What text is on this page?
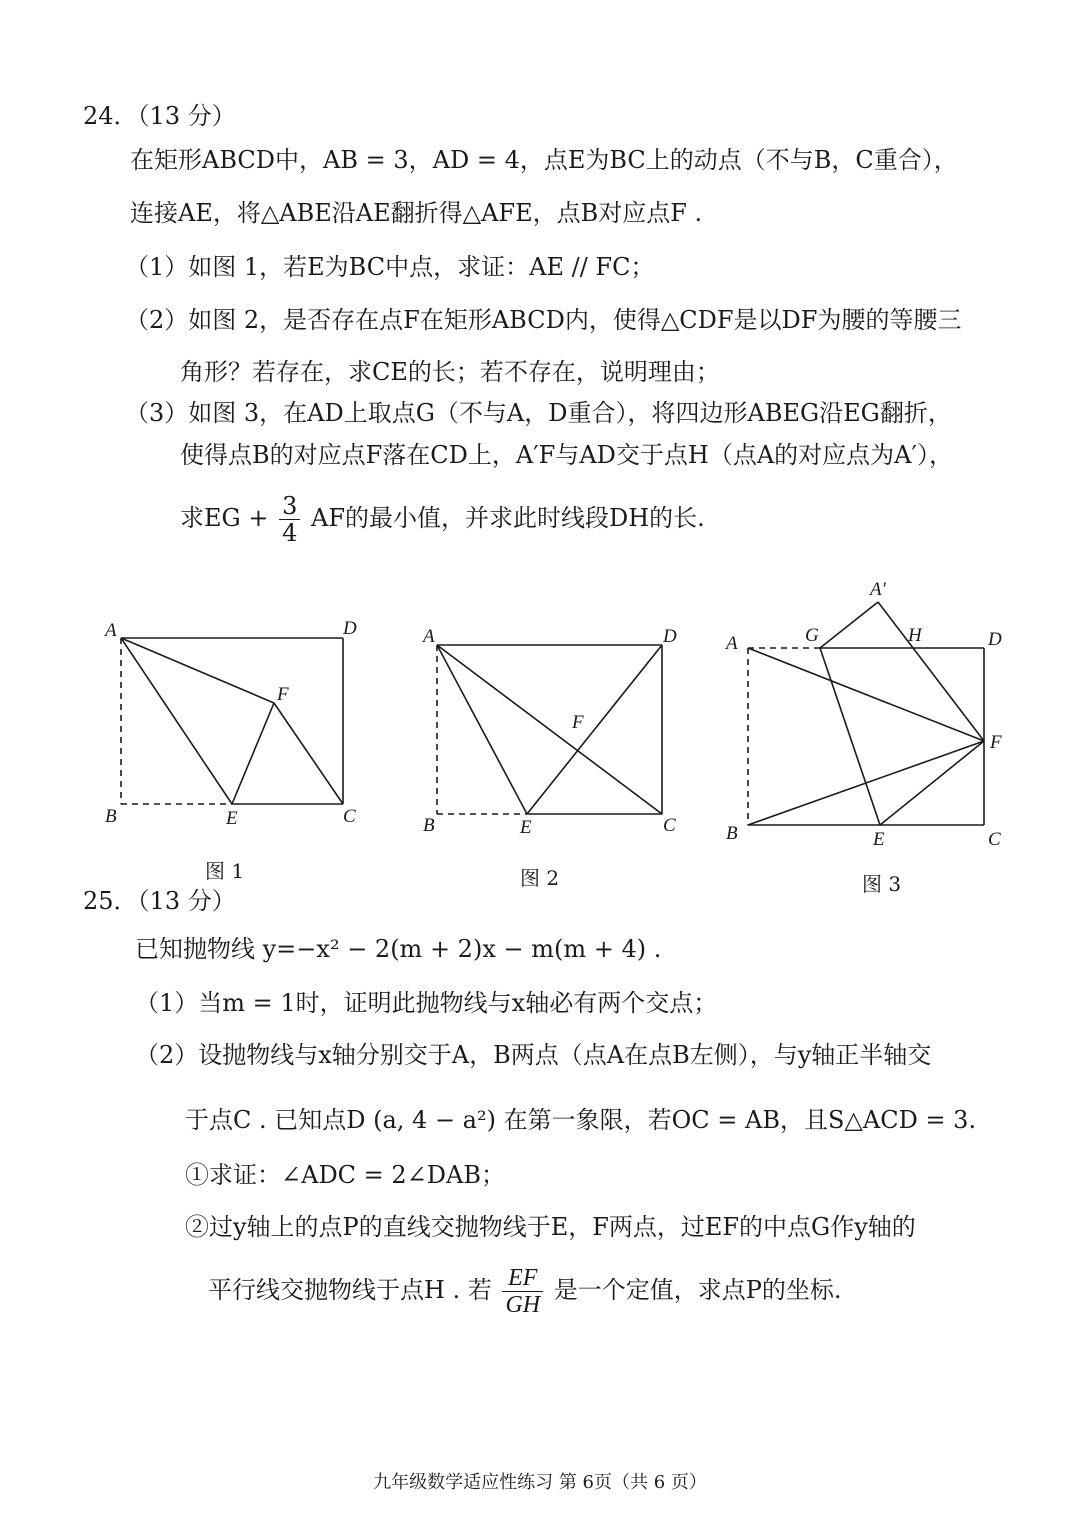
24．（13 分）
在矩形ABCD中，AB = 3，AD = 4，点E为BC上的动点（不与B，C重合），
连接AE，将△ABE沿AE翻折得△AFE，点B对应点F .
（1）如图 1，若E为BC中点，求证：AE // FC；
（2）如图 2，是否存在点F在矩形ABCD内，使得△CDF是以DF为腰的等腰三
角形？若存在，求CE的长；若不存在，说明理由；
（3）如图 3，在AD上取点G（不与A，D重合），将四边形ABEG沿EG翻折，
使得点B的对应点F落在CD上，A′F与AD交于点H（点A的对应点为A′），
求EG + $\frac{3}{4}$ AF的最小值，并求此时线段DH的长.
A	D
B	E	C
F
图 1
A	D
B	E	C
F
图 2
A′
G	H
A	D
F
B	E	C
图 3
25．（13 分）
已知抛物线 y=−x² − 2(m + 2)x − m(m + 4) .
（1）当m = 1时，证明此抛物线与x轴必有两个交点；
（2）设抛物线与x轴分别交于A，B两点（点A在点B左侧），与y轴正半轴交
于点C . 已知点D (a, 4 − a²) 在第一象限，若OC = AB，且S△ACD = 3.
①求证：∠ADC = 2∠DAB；
②过y轴上的点P的直线交抛物线于E，F两点，过EF的中点G作y轴的
平行线交抛物线于点H . 若 $\frac{EF}{GH}$ 是一个定值，求点P的坐标.
九年级数学适应性练习 第 6页（共 6 页）
